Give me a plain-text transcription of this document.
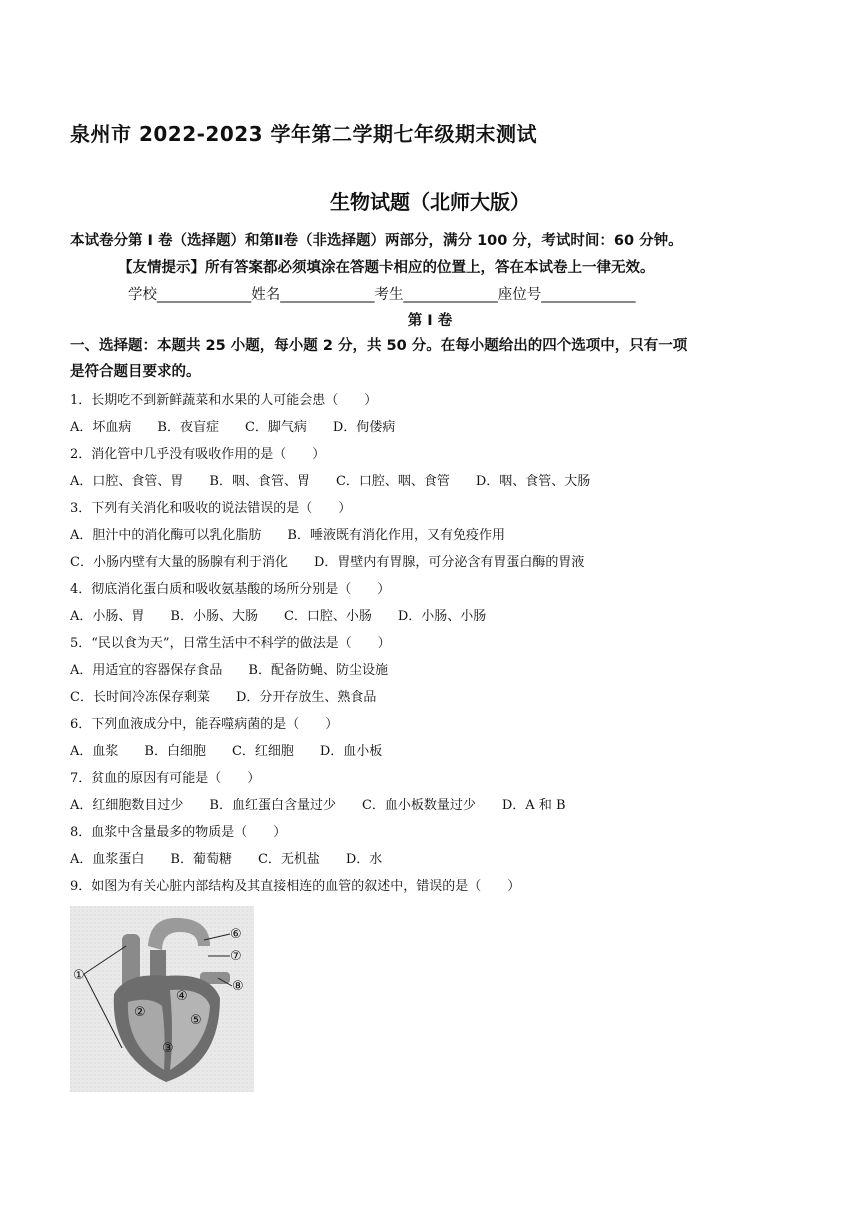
泉州市 2022-2023 学年第二学期七年级期末测试
生物试题（北师大版）
本试卷分第 I 卷（选择题）和第Ⅱ卷（非选择题）两部分，满分 100 分，考试时间：60 分钟。
【友情提示】所有答案都必须填涂在答题卡相应的位置上，答在本试卷上一律无效。
学校_____________姓名_____________考生_____________座位号_____________
第 I 卷
一、选择题：本题共 25 小题，每小题 2 分，共 50 分。在每小题给出的四个选项中，只有一项
是符合题目要求的。
1．长期吃不到新鲜蔬菜和水果的人可能会患（　　）
A．坏血病　　B．夜盲症　　C．脚气病　　D．佝偻病
2．消化管中几乎没有吸收作用的是（　　）
A．口腔、食管、胃　　B．咽、食管、胃　　C．口腔、咽、食管　　D．咽、食管、大肠
3．下列有关消化和吸收的说法错误的是（　　）
A．胆汁中的消化酶可以乳化脂肪　　B．唾液既有消化作用，又有免疫作用
C．小肠内壁有大量的肠腺有利于消化　　D．胃壁内有胃腺，可分泌含有胃蛋白酶的胃液
4．彻底消化蛋白质和吸收氨基酸的场所分别是（　　）
A．小肠、胃　　B．小肠、大肠　　C．口腔、小肠　　D．小肠、小肠
5．“民以食为天”，日常生活中不科学的做法是（　　）
A．用适宜的容器保存食品　　B．配备防蝇、防尘设施
C．长时间冷冻保存剩菜　　D．分开存放生、熟食品
6．下列血液成分中，能吞噬病菌的是（　　）
A．血浆　　B．白细胞　　C．红细胞　　D．血小板
7．贫血的原因有可能是（　　）
A．红细胞数目过少　　B．血红蛋白含量过少　　C．血小板数量过少　　D．A 和 B
8．血浆中含量最多的物质是（　　）
A．血浆蛋白　　B．葡萄糖　　C．无机盐　　D．水
9．如图为有关心脏内部结构及其直接相连的血管的叙述中，错误的是（　　）
①
②
③
④
⑤
⑥
⑦
⑧
